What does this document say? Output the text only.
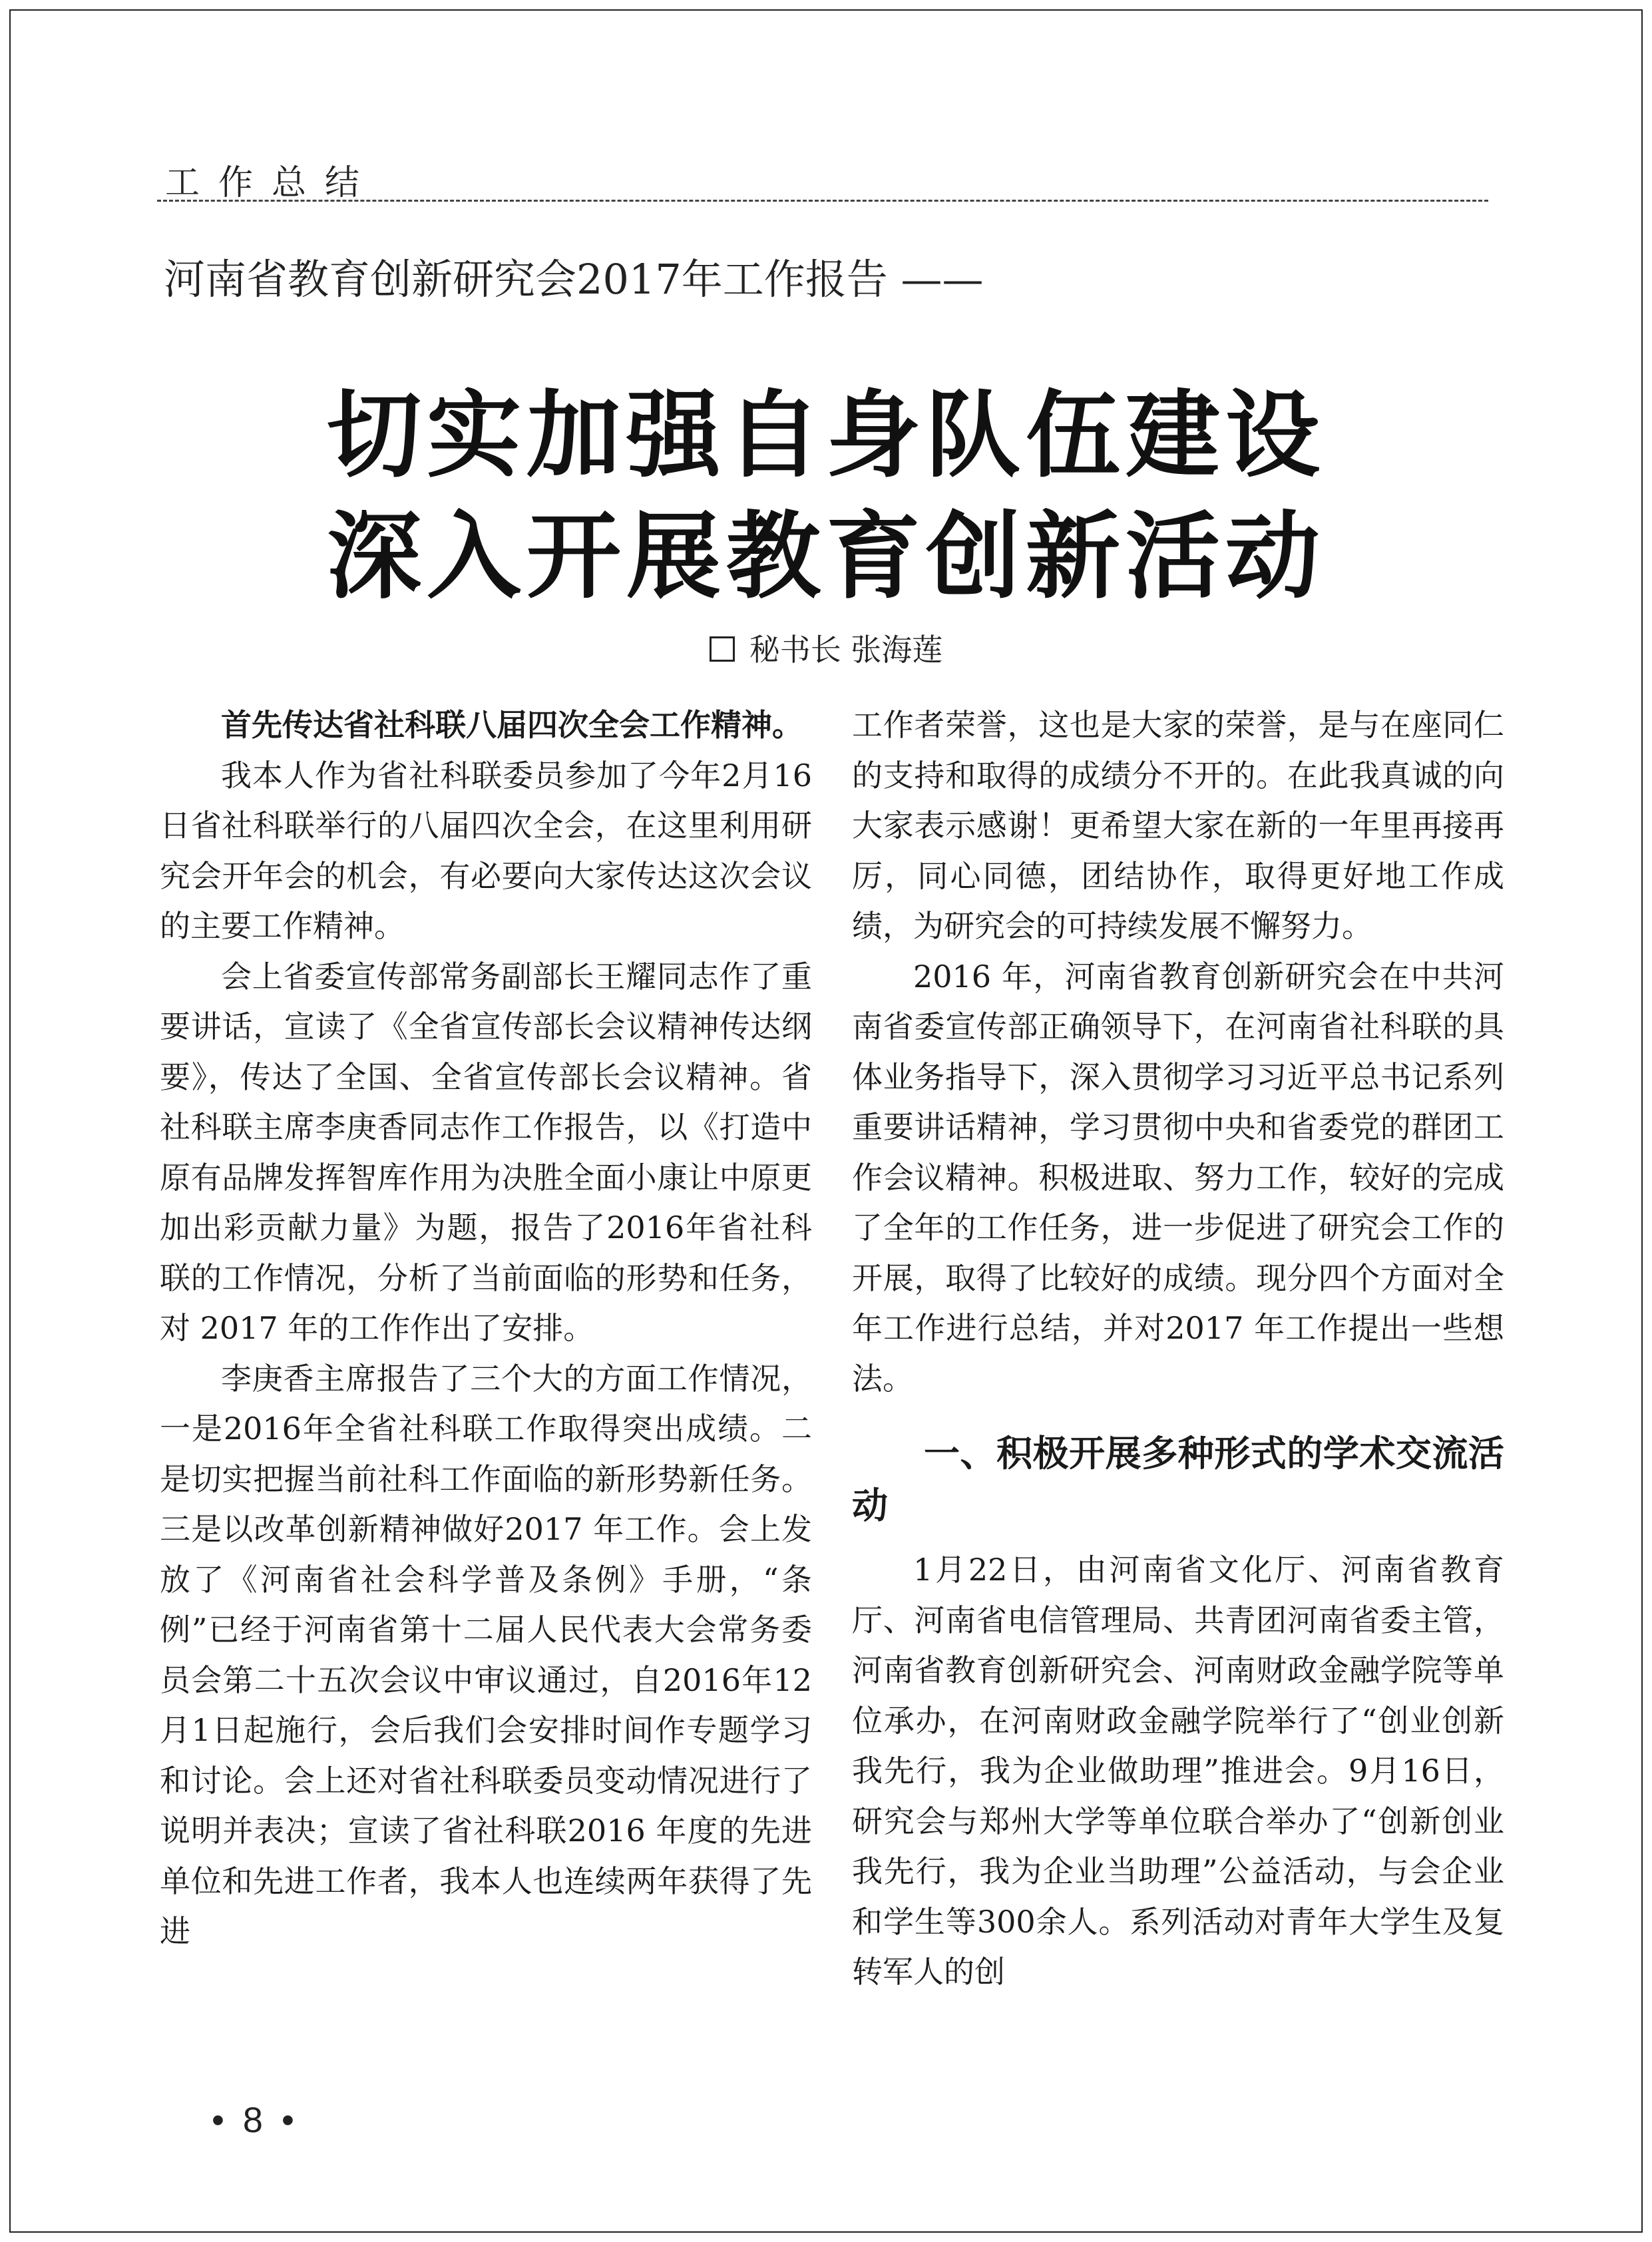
工作总结
河南省教育创新研究会2017年工作报告 ——
切实加强自身队伍建设
深入开展教育创新活动
秘书长 张海莲

首先传达省社科联八届四次全会工作精神。

我本人作为省社科联委员参加了今年2月16日省社科联举行的八届四次全会，在这里利用研究会开年会的机会，有必要向大家传达这次会议的主要工作精神。

会上省委宣传部常务副部长王耀同志作了重要讲话，宣读了《全省宣传部长会议精神传达纲要》，传达了全国、全省宣传部长会议精神。省社科联主席李庚香同志作工作报告，以《打造中原有品牌发挥智库作用为决胜全面小康让中原更加出彩贡献力量》为题，报告了2016年省社科联的工作情况，分析了当前面临的形势和任务，对 2017 年的工作作出了安排。

李庚香主席报告了三个大的方面工作情况，一是2016年全省社科联工作取得突出成绩。二是切实把握当前社科工作面临的新形势新任务。三是以改革创新精神做好2017 年工作。会上发放了《河南省社会科学普及条例》手册，“条例”已经于河南省第十二届人民代表大会常务委员会第二十五次会议中审议通过，自2016年12 月1日起施行，会后我们会安排时间作专题学习和讨论。会上还对省社科联委员变动情况进行了说明并表决；宣读了省社科联2016 年度的先进单位和先进工作者，我本人也连续两年获得了先进

工作者荣誉，这也是大家的荣誉，是与在座同仁的支持和取得的成绩分不开的。在此我真诚的向大家表示感谢！更希望大家在新的一年里再接再厉，同心同德，团结协作，取得更好地工作成绩，为研究会的可持续发展不懈努力。

2016 年，河南省教育创新研究会在中共河南省委宣传部正确领导下，在河南省社科联的具体业务指导下，深入贯彻学习习近平总书记系列重要讲话精神，学习贯彻中央和省委党的群团工作会议精神。积极进取、努力工作，较好的完成了全年的工作任务，进一步促进了研究会工作的开展，取得了比较好的成绩。现分四个方面对全年工作进行总结，并对2017 年工作提出一些想法。

一、积极开展多种形式的学术交流活动

1月22日，由河南省文化厅、河南省教育厅、河南省电信管理局、共青团河南省委主管，河南省教育创新研究会、河南财政金融学院等单位承办，在河南财政金融学院举行了“创业创新我先行，我为企业做助理”推进会。9月16日，研究会与郑州大学等单位联合举办了“创新创业我先行，我为企业当助理”公益活动，与会企业和学生等300余人。系列活动对青年大学生及复转军人的创

• 8 •
